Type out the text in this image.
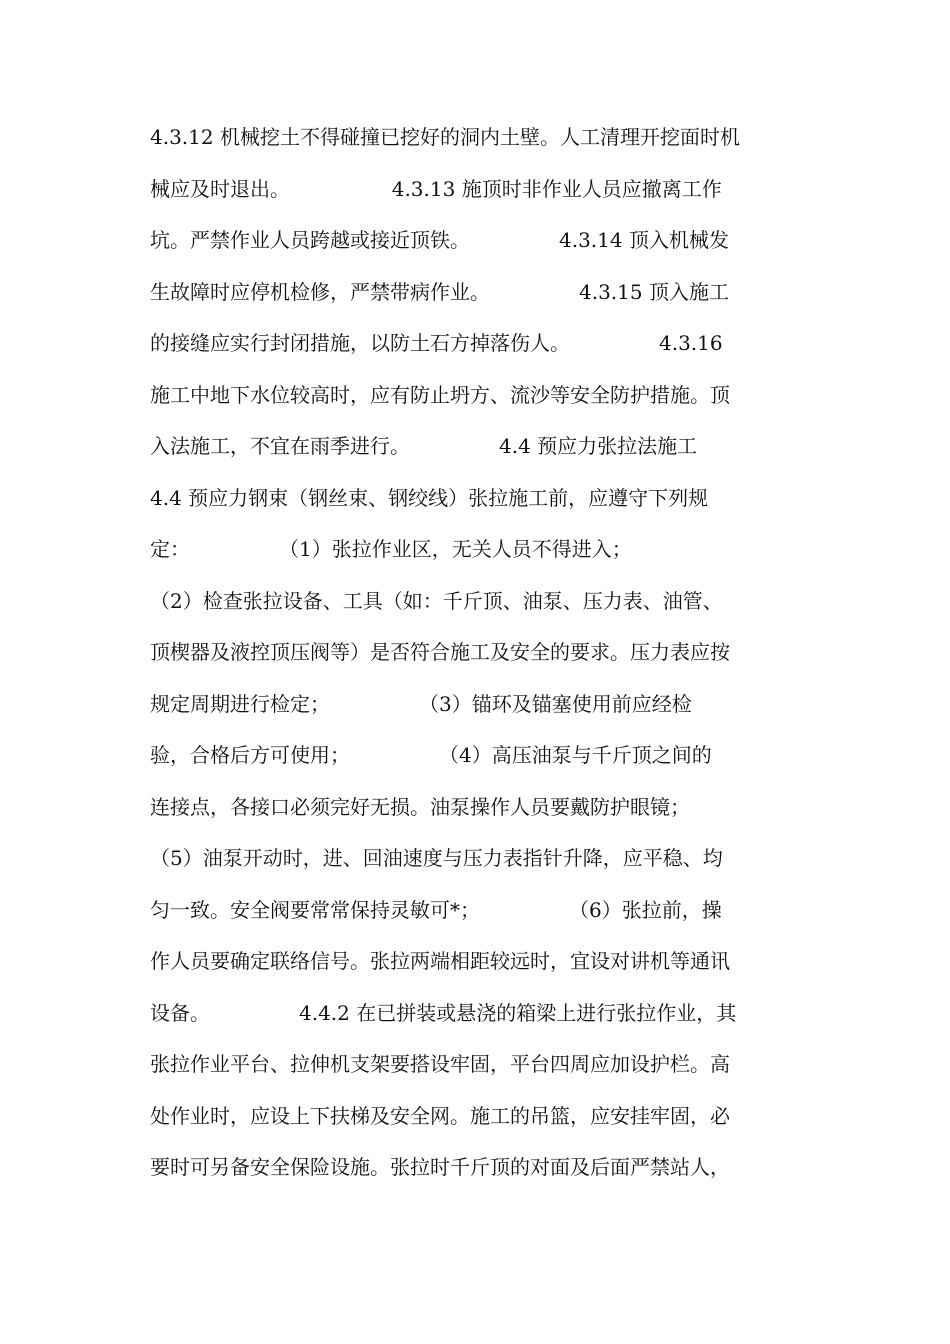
4.3.12 机械挖土不得碰撞已挖好的洞内土壁。人工清理开挖面时机
械应及时退出。                4.3.13 施顶时非作业人员应撤离工作
坑。严禁作业人员跨越或接近顶铁。              4.3.14 顶入机械发
生故障时应停机检修，严禁带病作业。              4.3.15 顶入施工
的接缝应实行封闭措施，以防土石方掉落伤人。              4.3.16
施工中地下水位较高时，应有防止坍方、流沙等安全防护措施。顶
入法施工，不宜在雨季进行。              4.4 预应力张拉法施工
4.4 预应力钢束（钢丝束、钢绞线）张拉施工前，应遵守下列规
定：              （1）张拉作业区，无关人员不得进入；
（2）检查张拉设备、工具（如：千斤顶、油泵、压力表、油管、
顶楔器及液控顶压阀等）是否符合施工及安全的要求。压力表应按
规定周期进行检定；              （3）锚环及锚塞使用前应经检
验，合格后方可使用；              （4）高压油泵与千斤顶之间的
连接点，各接口必须完好无损。油泵操作人员要戴防护眼镜；
（5）油泵开动时，进、回油速度与压力表指针升降，应平稳、均
匀一致。安全阀要常常保持灵敏可*；              （6）张拉前，操
作人员要确定联络信号。张拉两端相距较远时，宜设对讲机等通讯
设备。              4.4.2 在已拼装或悬浇的箱梁上进行张拉作业，其
张拉作业平台、拉伸机支架要搭设牢固，平台四周应加设护栏。高
处作业时，应设上下扶梯及安全网。施工的吊篮，应安挂牢固，必
要时可另备安全保险设施。张拉时千斤顶的对面及后面严禁站人，
